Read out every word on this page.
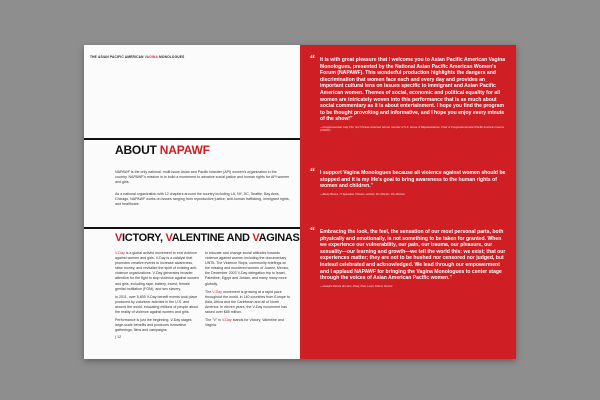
THE ASIAN PACIFIC AMERICAN VAGINA MONOLOGUES
ABOUT NAPAWF
NAPAWF is the only national, multi-issue Asian and Pacific Islander (API) women's organization in the country. NAPAWF's mission is to build a movement to advance social justice and human rights for API women and girls.
As a national organization with 12 chapters around the country including LA, NY, DC, Seattle, Bay Area, Chicago, NAPAWF works on issues ranging from reproductive justice, anti-human trafficking, immigrant rights, and healthcare.
VICTORY, VALENTINE AND VAGINAS

V-Day is a global activist movement to end violence against women and girls. V-Day is a catalyst that promotes creative events to increase awareness, raise money, and revitalize the spirit of existing anti-violence organizations. V-Day generates broader attention for the fight to stop violence against women and girls, including rape, battery, incest, female genital mutilation (FGM), and sex slavery.

In 2011, over 5,800 V-Day benefit events took place produced by volunteer activists in the U.S. and around the world, educating millions of people about the reality of violence against women and girls.

Performance is just the beginning. V-Day stages large-scale benefits and produces innovative gatherings, films and campaigns

to educate and change social attitudes towards violence against women including the documentary UNTIL The Violence Stops, community briefings on the missing and murdered women of Juarez, Mexico, the December 2003 V-Day delegation trip to Israel, Palestine, Egypt and Jordan, and many many more globally.

The V-Day movement is growing at a rapid pace throughout the world, in 140 countries from Europe to Asia, Africa and the Caribbean and all of North America. In eleven years, the V-Day movement has raised over $85 million.

The "V" in V-Day stands for Victory, Valentine and Vagina.

| 12
“ It is with great pleasure that I welcome you to Asian Pacific American Vagina Monologues, presented by the National Asian Pacific American Women's Forum (NAPAWF). This wonderful production highlights the dangers and discrimination that women face each and every day and provides an important cultural lens on issues specific to immigrant and Asian Pacific American women. Themes of social, economic and political equality for all women are intricately woven into this performance that is as much about social commentary as it is about entertainment. I hope you find the program to be thought provoking and informative, and I hope you enjoy every minute of the show!”
—Congresswoman Judy Chu, first Chinese American woman member of U.S. House of Representatives, Chair of Congressional Asian Pacific American Caucus (CAPAC)
“ I support Vagina Monologues because all violence against women should be stopped and it is my life's goal to bring awareness to the human rights of women and children.”
—Becky Bivens, IT Specialist, Chicano, Activist, Pro-Women, Pro-Woman
“ Embracing the look, the feel, the sensation of our most personal parts, both physically and emotionally, is not something to be taken for granted. When we experience our vulnerability, our pain, our trauma, our pleasure, our sexuality—our learning and growth—we tell the world this: we exist; that our experiences matter; they are not to be hushed nor censored nor judged, but instead celebrated and acknowledged. We lead through our empowerment and I applaud NAPAWF for bringing the Vagina Monologues to center stage through the voices of Asian American Pacific women.”
—Josephe Dennis de Leon, Pinay, Poet, Lover, Friend, Nurture
